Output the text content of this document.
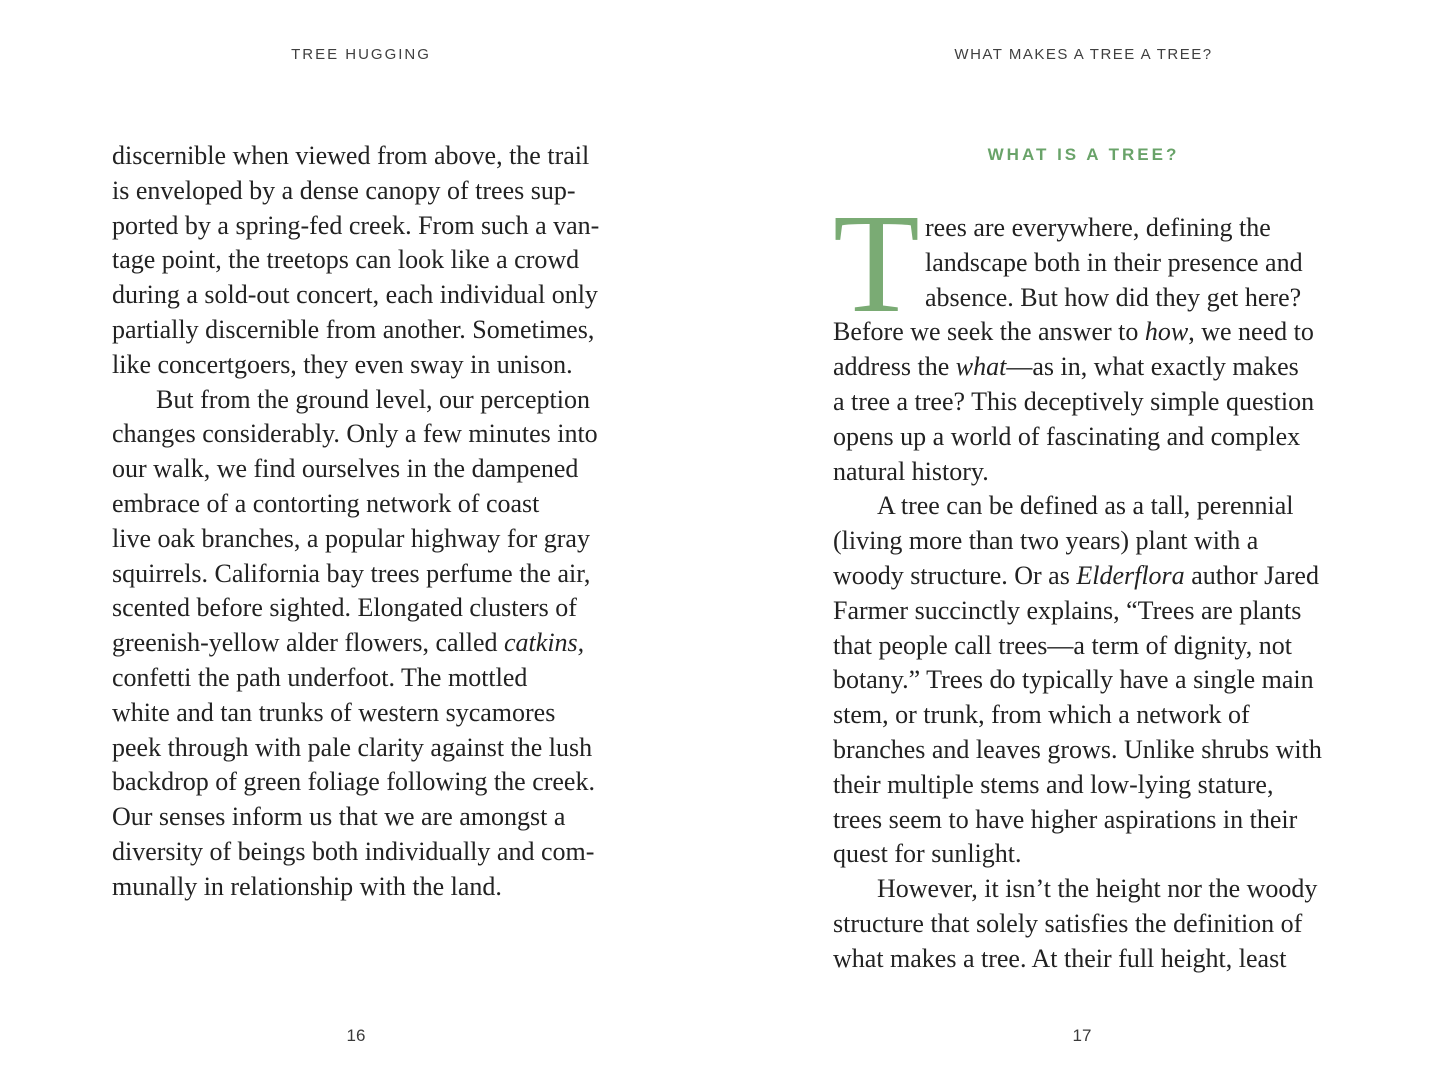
TREE HUGGING	WHAT MAKES A TREE A TREE?
discernible when viewed from above, the trail
is enveloped by a dense canopy of trees sup-
ported by a spring-fed creek. From such a van-
tage point, the treetops can look like a crowd
during a sold-out concert, each individual only
partially discernible from another. Sometimes,
like concertgoers, they even sway in unison.
But from the ground level, our perception
changes considerably. Only a few minutes into
our walk, we find ourselves in the dampened
embrace of a contorting network of coast
live oak branches, a popular highway for gray
squirrels. California bay trees perfume the air,
scented before sighted. Elongated clusters of
greenish-yellow alder flowers, called catkins,
confetti the path underfoot. The mottled
white and tan trunks of western sycamores
peek through with pale clarity against the lush
backdrop of green foliage following the creek.
Our senses inform us that we are amongst a
diversity of beings both individually and com-
munally in relationship with the land.
WHAT IS A TREE?
T rees are everywhere, defining the
landscape both in their presence and
absence. But how did they get here?
Before we seek the answer to how, we need to
address the what—as in, what exactly makes
a tree a tree? This deceptively simple question
opens up a world of fascinating and complex
natural history.
A tree can be defined as a tall, perennial
(living more than two years) plant with a
woody structure. Or as Elderflora author Jared
Farmer succinctly explains, “Trees are plants
that people call trees—a term of dignity, not
botany.” Trees do typically have a single main
stem, or trunk, from which a network of
branches and leaves grows. Unlike shrubs with
their multiple stems and low-lying stature,
trees seem to have higher aspirations in their
quest for sunlight.
However, it isn’t the height nor the woody
structure that solely satisfies the definition of
what makes a tree. At their full height, least
16	17
